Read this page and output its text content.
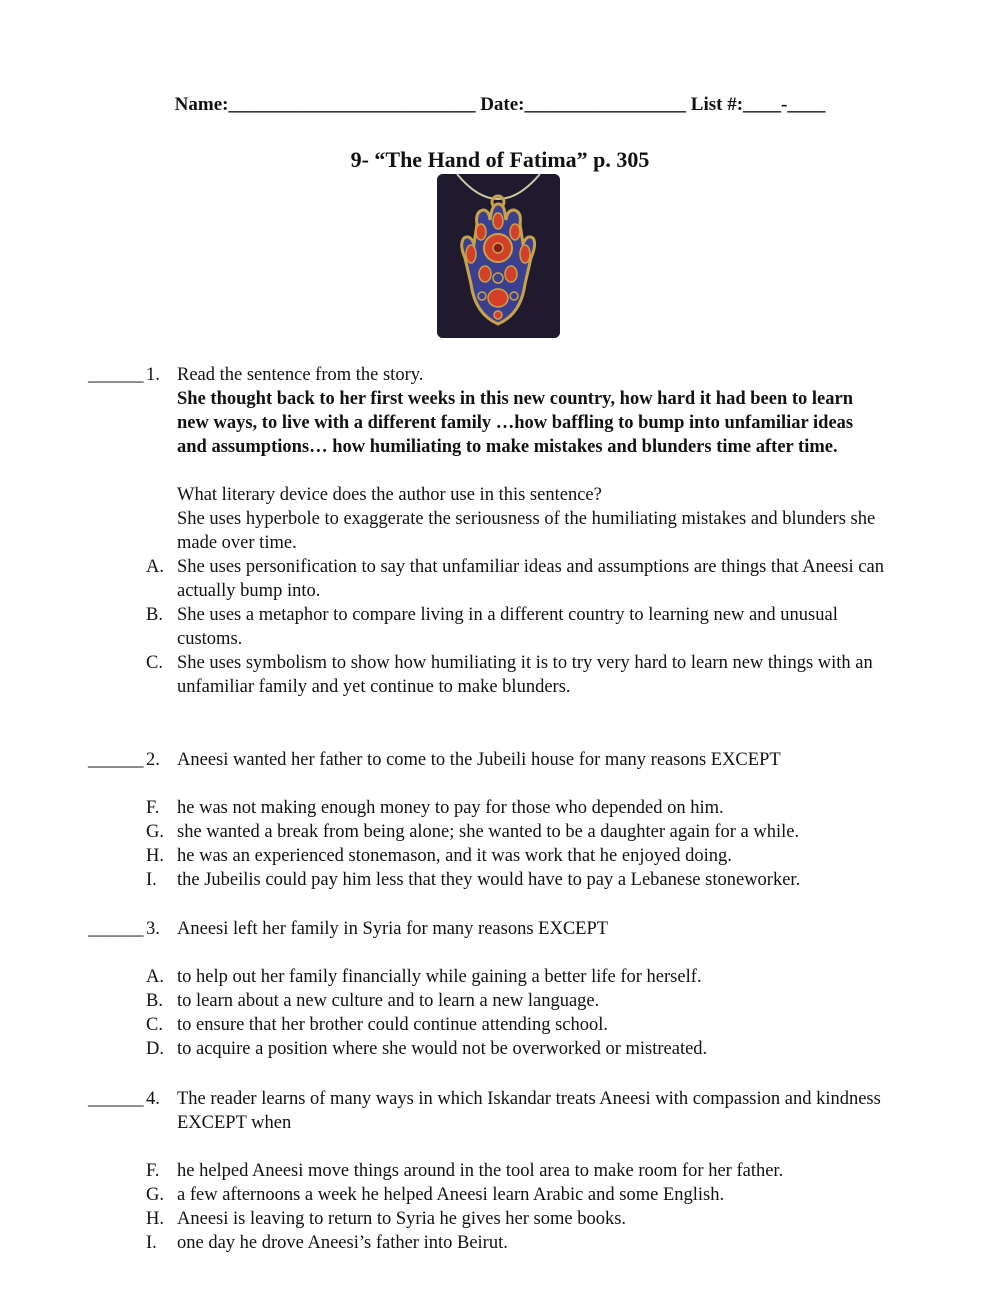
Name:__________________________ Date:_________________ List #:____-____
9- “The Hand of Fatima” p. 305
______ 1. Read the sentence from the story.
She thought back to her first weeks in this new country, how hard it had been to learn new ways, to live with a different family …how baffling to bump into unfamiliar ideas and assumptions… how humiliating to make mistakes and blunders time after time.
What literary device does the author use in this sentence?
She uses hyperbole to exaggerate the seriousness of the humiliating mistakes and blunders she made over time.
A. She uses personification to say that unfamiliar ideas and assumptions are things that Aneesi can actually bump into.
B. She uses a metaphor to compare living in a different country to learning new and unusual customs.
C. She uses symbolism to show how humiliating it is to try very hard to learn new things with an unfamiliar family and yet continue to make blunders.
______ 2. Aneesi wanted her father to come to the Jubeili house for many reasons EXCEPT
F. he was not making enough money to pay for those who depended on him.
G. she wanted a break from being alone; she wanted to be a daughter again for a while.
H. he was an experienced stonemason, and it was work that he enjoyed doing.
I. the Jubeilis could pay him less that they would have to pay a Lebanese stoneworker.
______ 3. Aneesi left her family in Syria for many reasons EXCEPT
A. to help out her family financially while gaining a better life for herself.
B. to learn about a new culture and to learn a new language.
C. to ensure that her brother could continue attending school.
D. to acquire a position where she would not be overworked or mistreated.
______ 4. The reader learns of many ways in which Iskandar treats Aneesi with compassion and kindness EXCEPT when
F. he helped Aneesi move things around in the tool area to make room for her father.
G. a few afternoons a week he helped Aneesi learn Arabic and some English.
H. Aneesi is leaving to return to Syria he gives her some books.
I. one day he drove Aneesi’s father into Beirut.
